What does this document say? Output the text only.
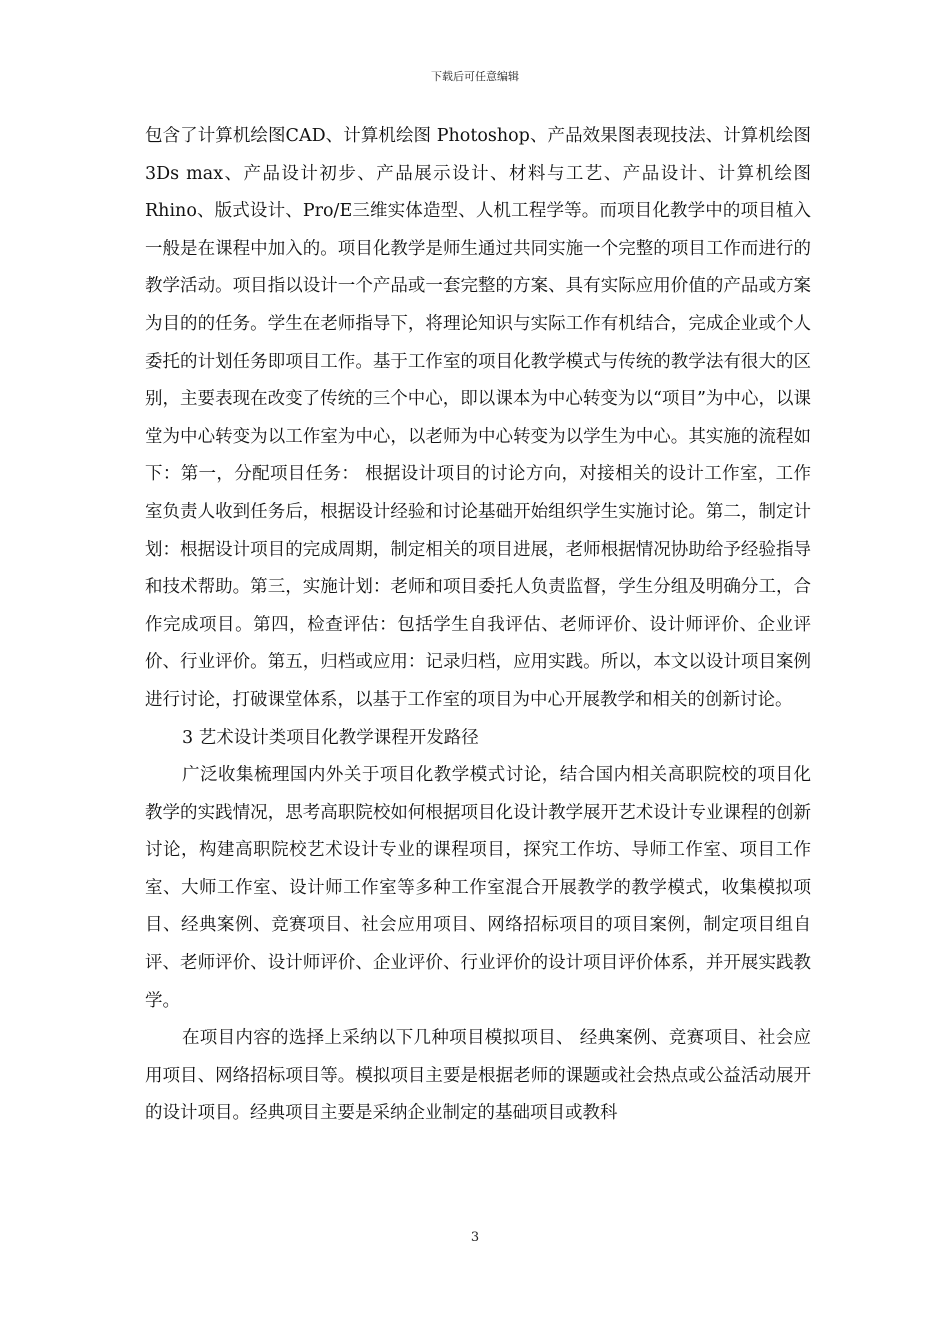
下载后可任意编辑

包含了计算机绘图CAD、计算机绘图 Photoshop、产品效果图表现技法、计算机绘图3Ds max、产品设计初步、产品展示设计、材料与工艺、产品设计、计算机绘图Rhino、版式设计、Pro/E三维实体造型、人机工程学等。而项目化教学中的项目植入一般是在课程中加入的。项目化教学是师生通过共同实施一个完整的项目工作而进行的教学活动。项目指以设计一个产品或一套完整的方案、具有实际应用价值的产品或方案为目的的任务。学生在老师指导下，将理论知识与实际工作有机结合，完成企业或个人委托的计划任务即项目工作。基于工作室的项目化教学模式与传统的教学法有很大的区别，主要表现在改变了传统的三个中心，即以课本为中心转变为以“项目”为中心，以课堂为中心转变为以工作室为中心，以老师为中心转变为以学生为中心。其实施的流程如下：第一，分配项目任务： 根据设计项目的讨论方向，对接相关的设计工作室，工作室负责人收到任务后，根据设计经验和讨论基础开始组织学生实施讨论。第二，制定计划：根据设计项目的完成周期，制定相关的项目进展，老师根据情况协助给予经验指导和技术帮助。第三，实施计划：老师和项目委托人负责监督，学生分组及明确分工，合作完成项目。第四，检查评估：包括学生自我评估、老师评价、设计师评价、企业评价、行业评价。第五，归档或应用：记录归档，应用实践。所以，本文以设计项目案例进行讨论，打破课堂体系，以基于工作室的项目为中心开展教学和相关的创新讨论。

3 艺术设计类项目化教学课程开发路径

广泛收集梳理国内外关于项目化教学模式讨论，结合国内相关高职院校的项目化教学的实践情况，思考高职院校如何根据项目化设计教学展开艺术设计专业课程的创新讨论，构建高职院校艺术设计专业的课程项目，探究工作坊、导师工作室、项目工作室、大师工作室、设计师工作室等多种工作室混合开展教学的教学模式，收集模拟项目、经典案例、竞赛项目、社会应用项目、网络招标项目的项目案例，制定项目组自评、老师评价、设计师评价、企业评价、行业评价的设计项目评价体系，并开展实践教学。

在项目内容的选择上采纳以下几种项目模拟项目、 经典案例、竞赛项目、社会应用项目、网络招标项目等。模拟项目主要是根据老师的课题或社会热点或公益活动展开的设计项目。经典项目主要是采纳企业制定的基础项目或教科

3
